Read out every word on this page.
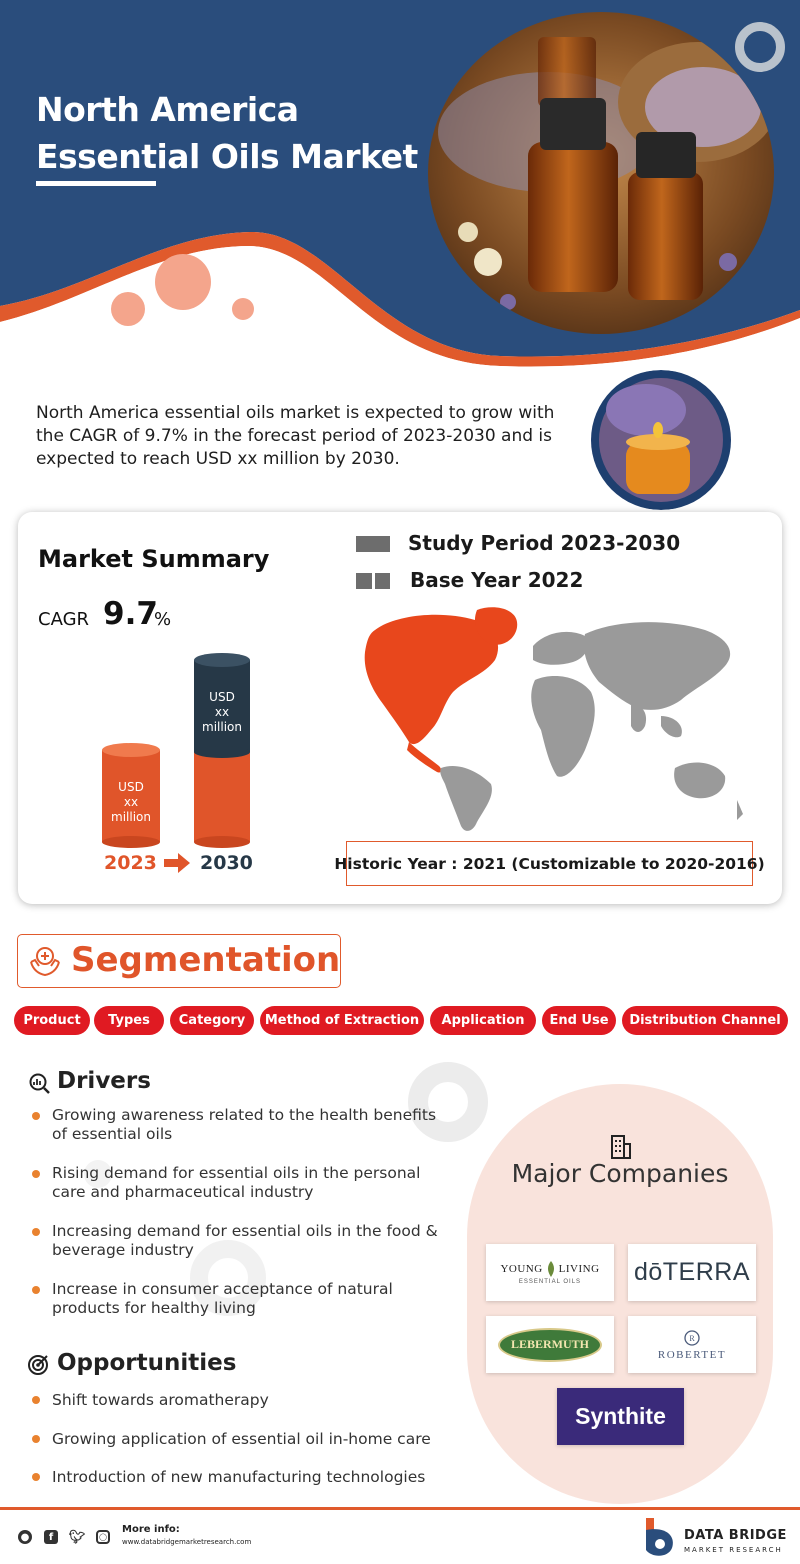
North America
Essential Oils Market

North America essential oils market is expected to grow with the CAGR of 9.7% in the forecast period of 2023-2030 and is expected to reach USD xx million by 2030.

Market Summary
CAGR 9.7
%
USD
xx
million
USD
xx
million
2023 2030
Study Period 2023-2030
Base Year 2022
Historic Year : 2021 (Customizable to 2020-2016)
Segmentation
Product	Types	Category	Method of Extraction	Application	End Use	Distribution Channel
Drivers
Growing awareness related to the health benefits
of essential oils
Rising demand for essential oils in the personal
care and pharmaceutical industry
Increasing demand for essential oils in the food &
beverage industry
Increase in consumer acceptance of natural
products for healthy living
Opportunities
Shift towards aromatherapy
Growing application of essential oil in-home care
Introduction of new manufacturing technologies
Major Companies
YOUNG LIVING
ESSENTIAL OILS dōTERRA
LEBERMUTH	R
ROBERTET
Synthite
●	f	🐦︎	◯
More info:
www.databridgemarketresearch.com	DATA BRIDGE
MARKET RESEARCH
